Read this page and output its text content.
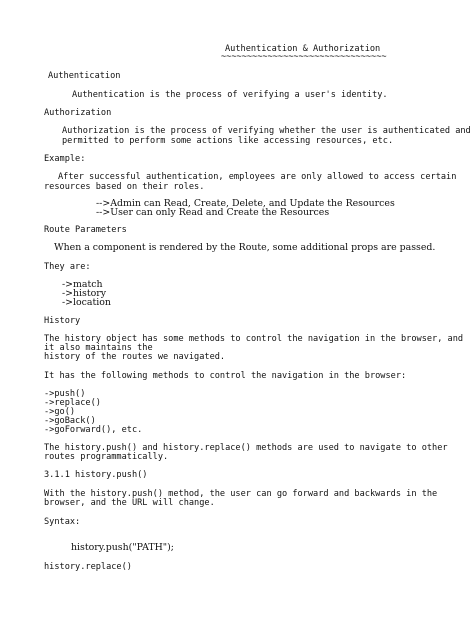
Authentication & Authorization
~~~~~~~~~~~~~~~~~~~~~~~~~~~~~~~~
Authentication
Authentication is the process of verifying a user's identity.
Authorization
Authorization is the process of verifying whether the user is authenticated and
permitted to perform some actions like accessing resources, etc.
Example:
After successful authentication, employees are only allowed to access certain
resources based on their roles.
-->Admin can Read, Create, Delete, and Update the Resources
-->User can only Read and Create the Resources
Route Parameters
When a component is rendered by the Route, some additional props are passed.
They are:
->match
->history
->location
History
The history object has some methods to control the navigation in the browser, and
it also maintains the
history of the routes we navigated.
It has the following methods to control the navigation in the browser:
->push()
->replace()
->go()
->goBack()
->goForward(), etc.
The history.push() and history.replace() methods are used to navigate to other
routes programmatically.
3.1.1 history.push()
With the history.push() method, the user can go forward and backwards in the
browser, and the URL will change.
Syntax:
history.push("PATH");
history.replace()
